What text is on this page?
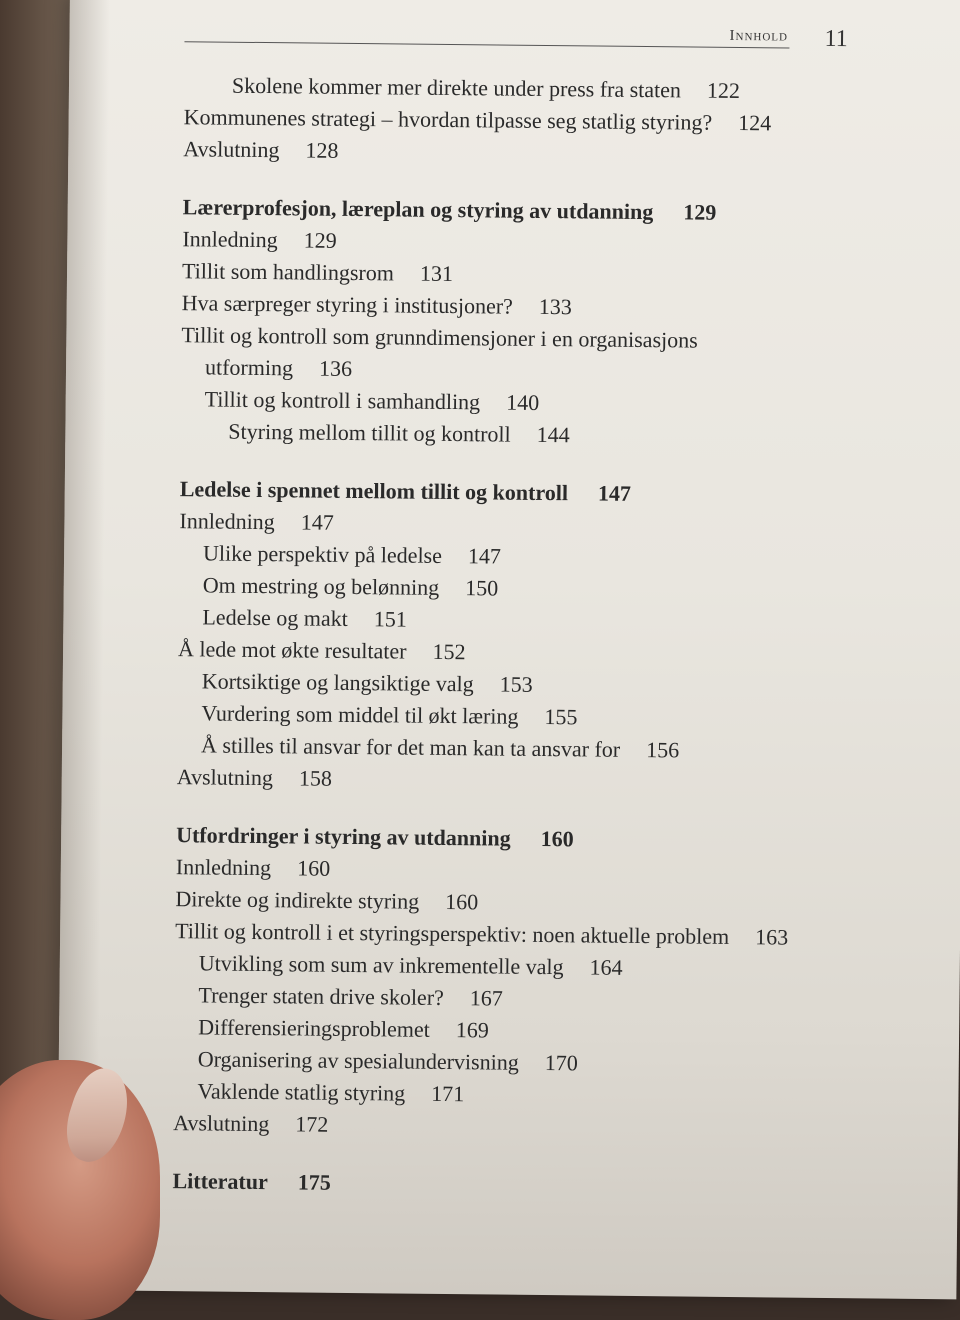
Innhold 11
Skolene kommer mer direkte under press fra staten 122
Kommunenes strategi – hvordan tilpasse seg statlig styring? 124
Avslutning 128
Lærerprofesjon, læreplan og styring av utdanning 129
Innledning 129
Tillit som handlingsrom 131
Hva særpreger styring i institusjoner? 133
Tillit og kontroll som grunndimensjoner i en organisasjons
utforming 136
Tillit og kontroll i samhandling 140
Styring mellom tillit og kontroll 144
Ledelse i spennet mellom tillit og kontroll 147
Innledning 147
Ulike perspektiv på ledelse 147
Om mestring og belønning 150
Ledelse og makt 151
Å lede mot økte resultater 152
Kortsiktige og langsiktige valg 153
Vurdering som middel til økt læring 155
Å stilles til ansvar for det man kan ta ansvar for 156
Avslutning 158
Utfordringer i styring av utdanning 160
Innledning 160
Direkte og indirekte styring 160
Tillit og kontroll i et styringsperspektiv: noen aktuelle problem 163
Utvikling som sum av inkrementelle valg 164
Trenger staten drive skoler? 167
Differensieringsproblemet 169
Organisering av spesialundervisning 170
Vaklende statlig styring 171
Avslutning 172
Litteratur 175
